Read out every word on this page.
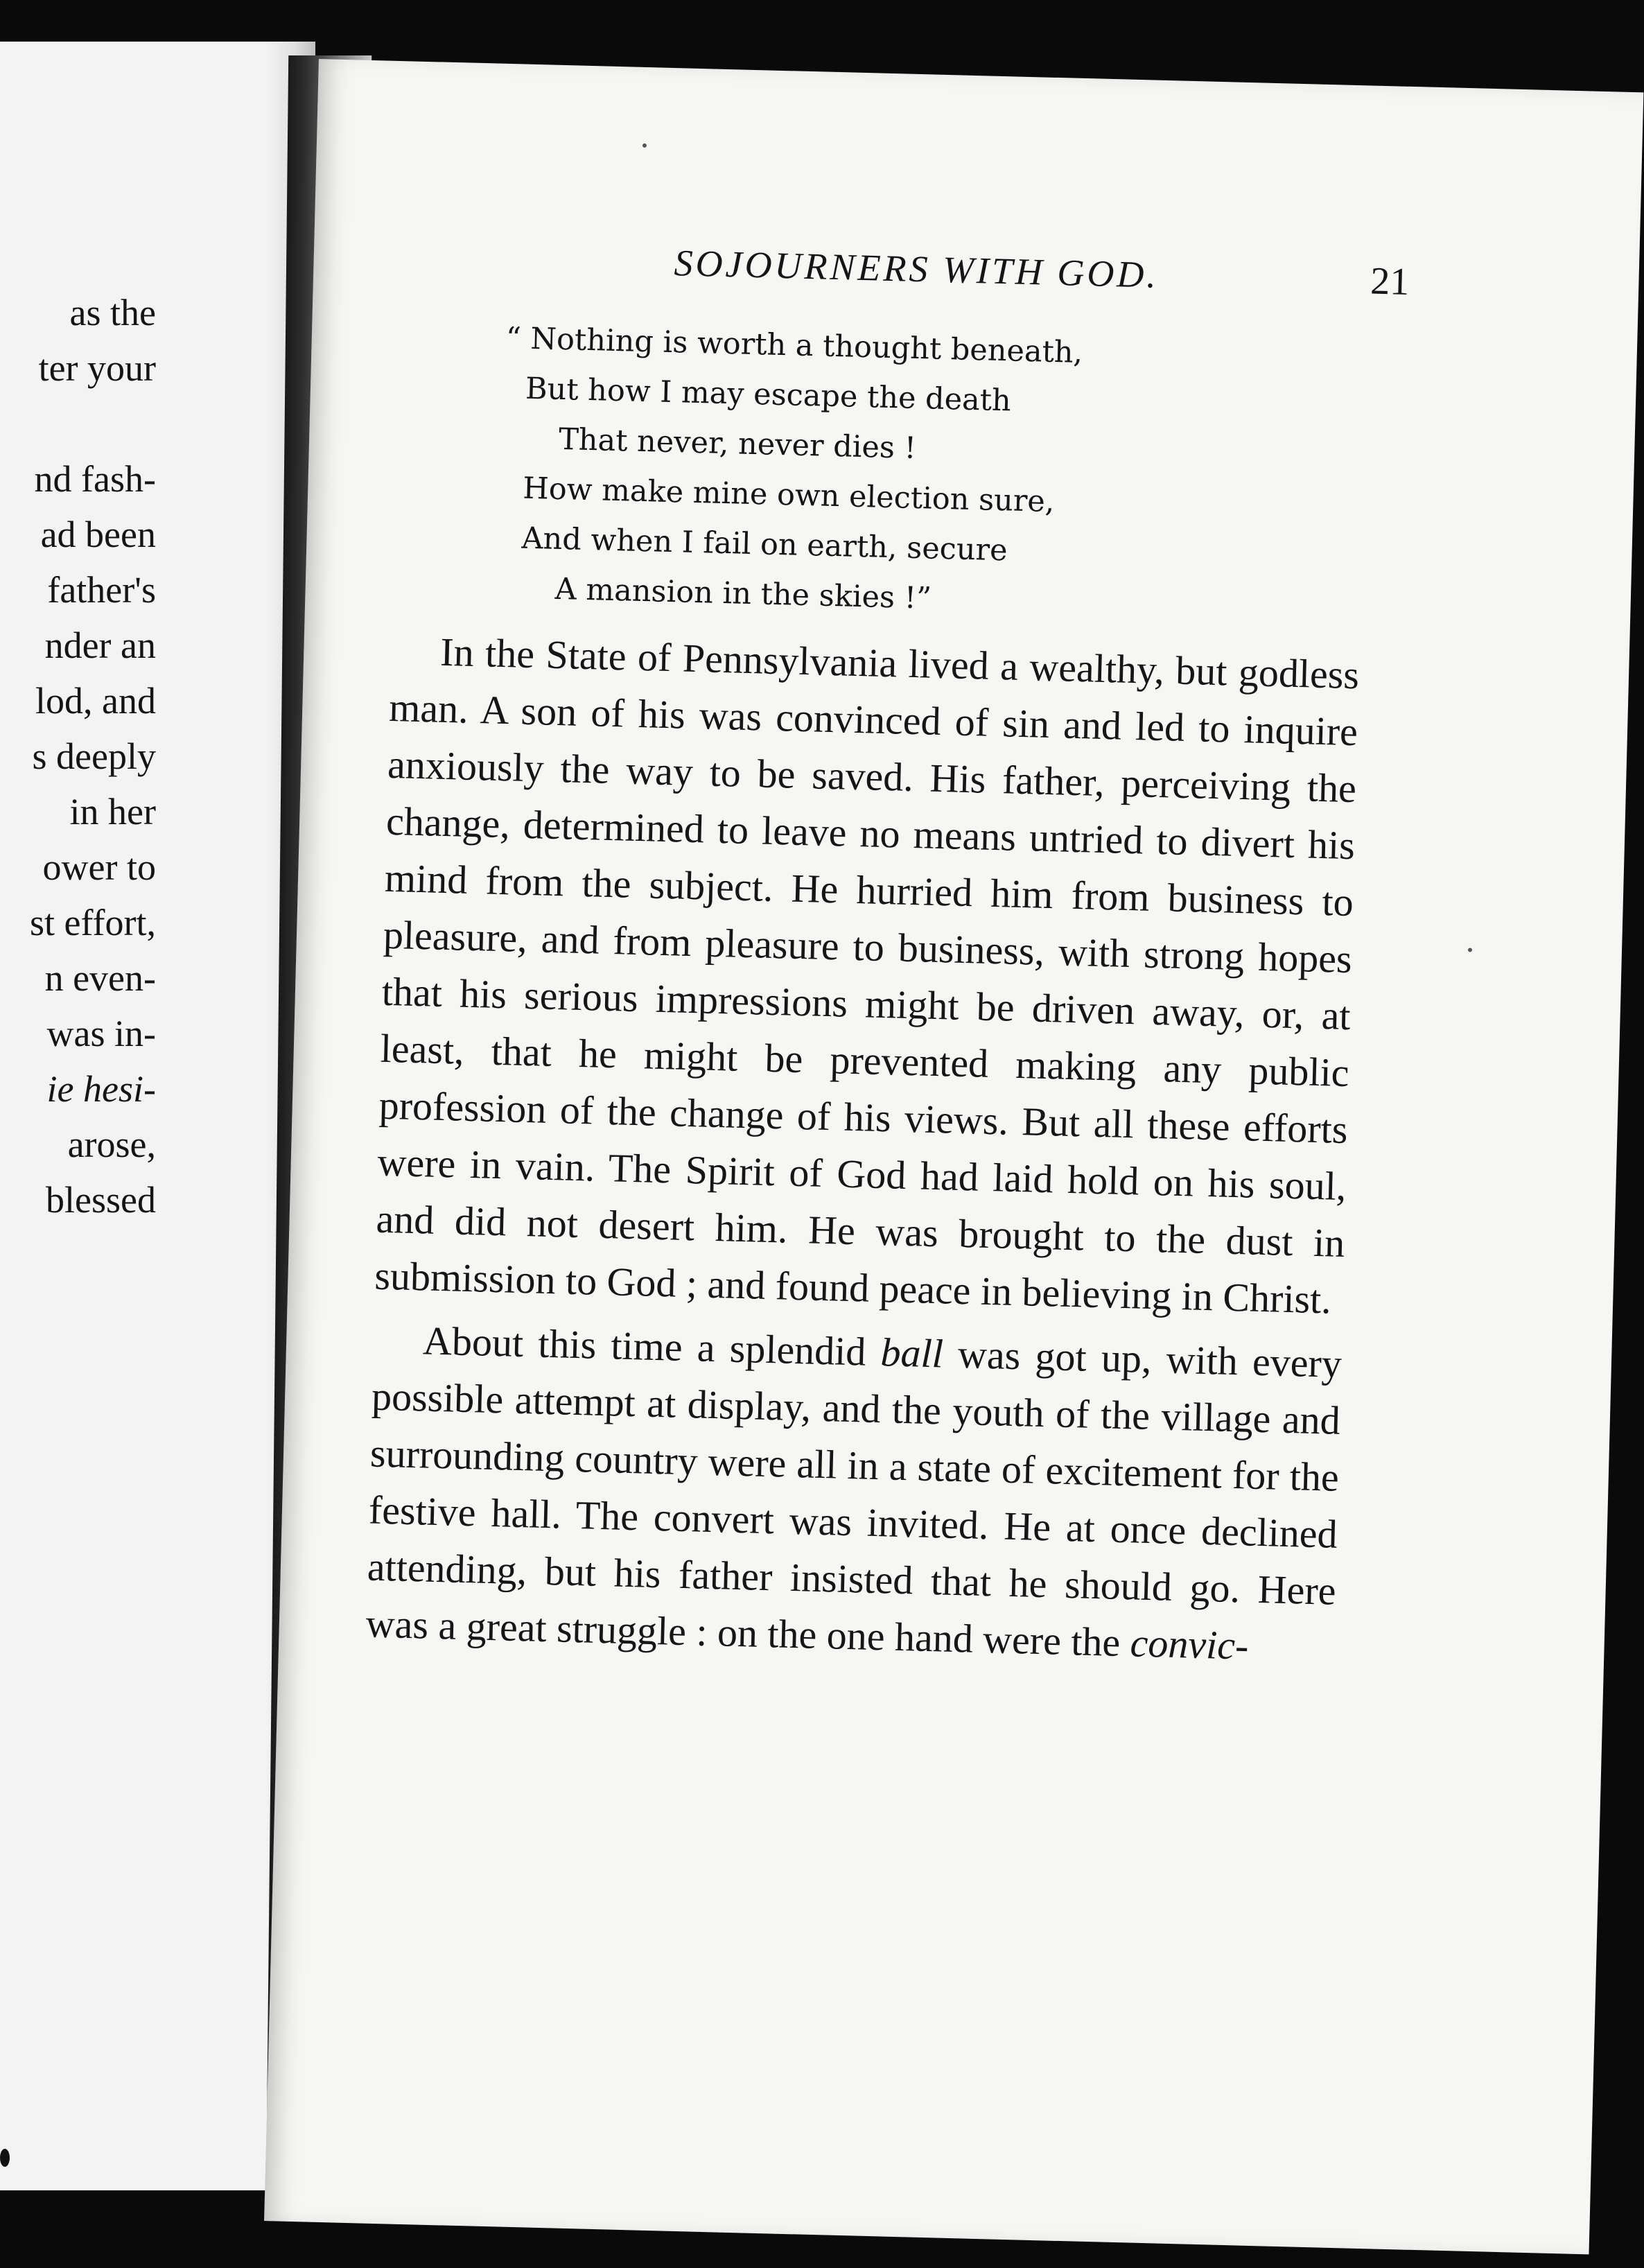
as the
ter your
nd fash-
ad been
father's
nder an
lod, and
s deeply
in her
ower to
st effort,
n even-
was in-
ie hesi-
arose,
blessed
SOJOURNERS WITH GOD.	21
“ Nothing is worth a thought beneath,
But how I may escape the death
That never, never dies !
How make mine own election sure,
And when I fail on earth, secure
A mansion in the skies !”

In the State of Pennsylvania lived a wealthy, but godless man. A son of his was convinced of sin and led to inquire anxiously the way to be saved. His father, perceiving the change, determined to leave no means untried to divert his mind from the subject. He hurried him from business to pleasure, and from pleasure to business, with strong hopes that his serious impressions might be driven away, or, at least, that he might be prevented making any public profession of the change of his views. But all these efforts were in vain. The Spirit of God had laid hold on his soul, and did not desert him. He was brought to the dust in submission to God ; and found peace in believing in Christ.

About this time a splendid ball was got up, with every possible attempt at display, and the youth of the village and surrounding country were all in a state of excitement for the festive hall. The convert was invited. He at once declined attending, but his father insisted that he should go. Here was a great struggle : on the one hand were the convic-
